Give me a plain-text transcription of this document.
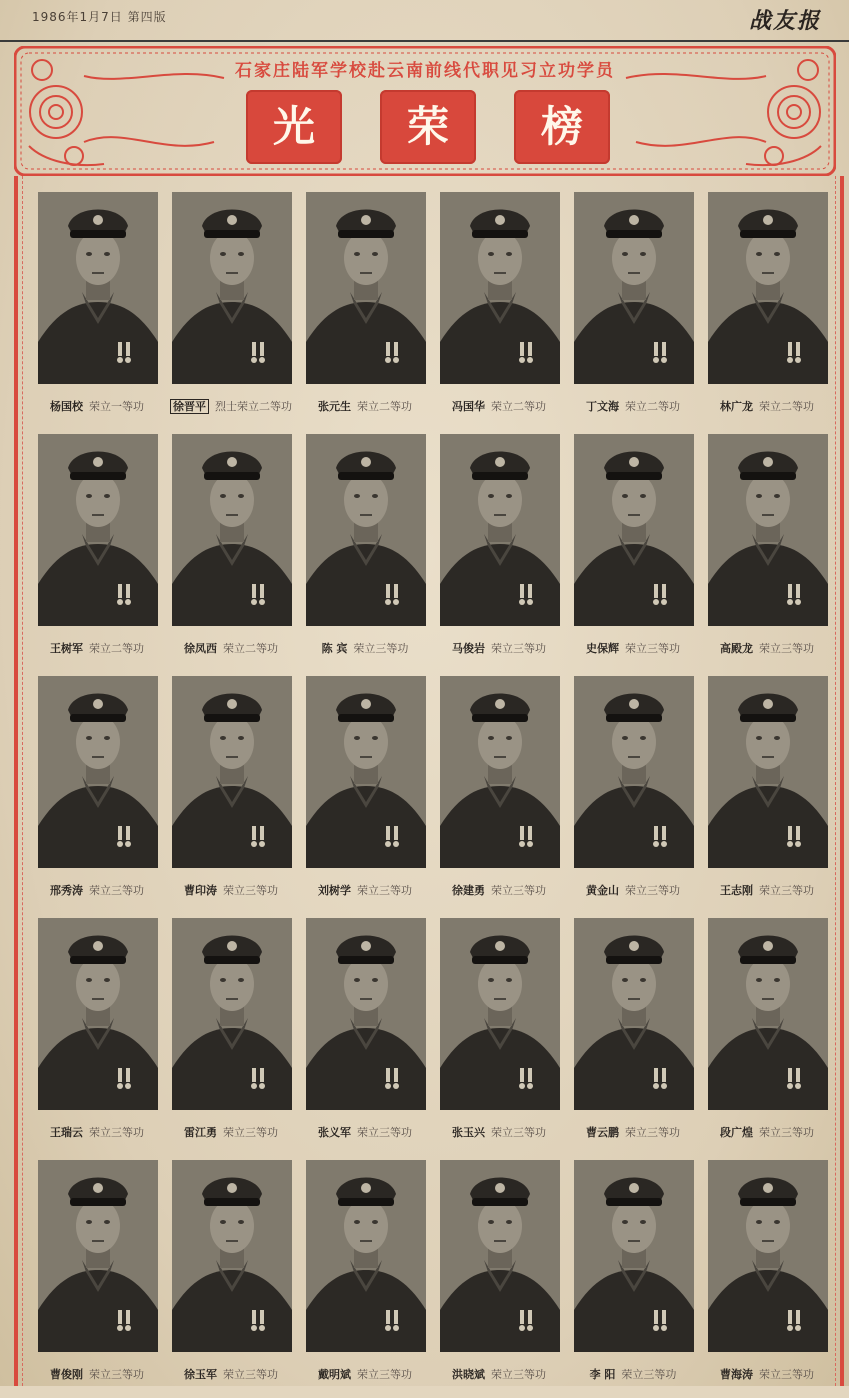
1986年1月7日 第四版	战友报
石家庄陆军学校赴云南前线代职见习立功学员
光	荣	榜
杨国校 荣立一等功	徐晋平 烈士荣立二等功	张元生 荣立二等功	冯国华 荣立二等功	丁文海 荣立二等功	林广龙 荣立二等功
王树军 荣立二等功	徐凤西 荣立二等功	陈 宾 荣立三等功	马俊岩 荣立三等功	史保辉 荣立三等功	高殿龙 荣立三等功
邢秀涛 荣立三等功	曹印涛 荣立三等功	刘树学 荣立三等功	徐建勇 荣立三等功	黄金山 荣立三等功	王志刚 荣立三等功
王瑞云 荣立三等功	雷江勇 荣立三等功	张义军 荣立三等功	张玉兴 荣立三等功	曹云鹏 荣立三等功	段广煌 荣立三等功
曹俊刚 荣立三等功	徐玉军 荣立三等功	戴明斌 荣立三等功	洪晓斌 荣立三等功	李 阳 荣立三等功	曹海涛 荣立三等功
